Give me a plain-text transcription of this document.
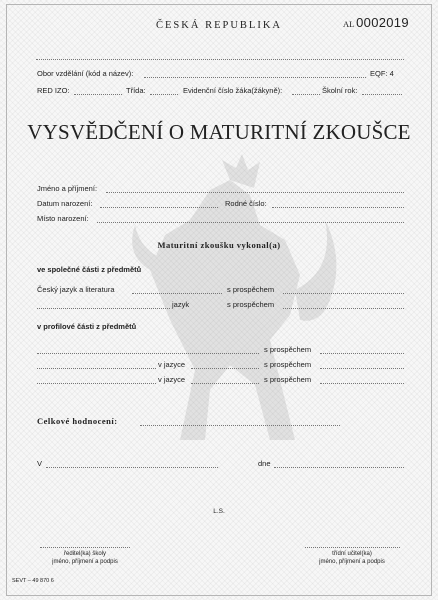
ČESKÁ REPUBLIKA	AL 0002019
Obor vzdělání (kód a název):	EQF: 4
RED IZO:	Třída:	Evidenční číslo žáka(žákyně):	Školní rok:
VYSVĚDČENÍ O MATURITNÍ ZKOUŠCE
Jméno a příjmení:
Datum narození:	Rodné číslo:
Místo narození:
Maturitní zkoušku vykonal(a)
ve společné části z předmětů
Český jazyk a literatura	s prospěchem
jazyk	s prospěchem
v profilové části z předmětů
s prospěchem
v jazyce	s prospěchem
v jazyce	s prospěchem
Celkové hodnocení:
V	dne
L.S.
ředitel(ka) školy
jméno, příjmení a podpis
třídní učitel(ka)
jméno, příjmení a podpis
SEVT – 49 870 6
